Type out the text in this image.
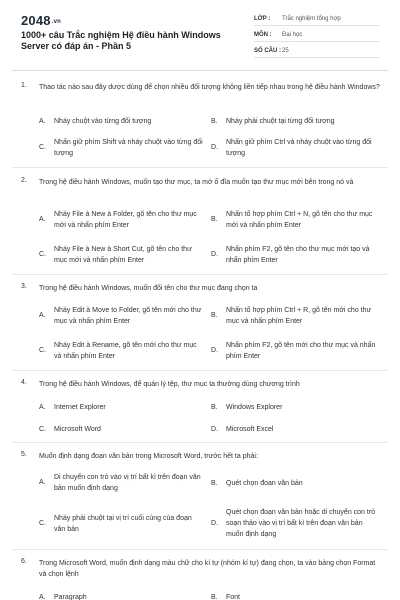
2048.vn
1000+ câu Trắc nghiệm Hệ điều hành Windows Server có đáp án - Phần 5
LỚP : Trắc nghiệm tổng hợp
MÔN : Đại học
SỐ CÂU : 25
1. Thao tác nào sau đây dược dùng để chọn nhiều đối tượng không liền tiếp nhau trong hệ điều hành Windows?
A.	Nháy chuột vào từng đối tượng	B.	Nháy phải chuột tại từng đối tượng
C.
Nhấn giữ phím Shift và nháy chuột vào từng đối tượng
D.
Nhấn giữ phím Ctrl và nháy chuột vào từng đối tượng
2. Trong hệ điều hành Windows, muốn tạo thư mục, ta mở ổ đĩa muốn tạo thư mục mới bên trong nó và
A.
Nháy File à New à Folder, gõ tên cho thư mục mới và nhấn phím Enter
B.
Nhấn tổ hợp phím Ctrl + N, gõ tên cho thư mục mới và nhấn phím Enter
C.
Nháy File à New à Short Cut, gõ tên cho thư mục mới và nhấn phím Enter
D.
Nhấn phím F2, gõ tên cho thư mục mới tạo và nhấn phím Enter
3. Trong hệ điều hành Windows, muốn đổi tên cho thư mục đang chọn ta
A.
Nháy Edit à Move to Folder, gõ tên mới cho thư mục và nhấn phím Enter
B.
Nhấn tổ hợp phím Ctrl + R, gõ tên mới cho thư mục và nhấn phím Enter
C.
Nháy Edit à Rename, gõ tên mới cho thư mục và nhấn phím Enter
D.
Nhấn phím F2, gõ tên mới cho thư mục và nhấn phím Enter
4. Trong hệ điều hành Windows, để quản lý tệp, thư mục ta thường dùng chương trình
A.	Internet Explorer	B.	Windows Explorer
C.	Microsoft Word	D.	Microsoft Excel
5. Muốn định dạng đoạn văn bản trong Microsoft Word, trước hết ta phải:
A.
Di chuyển con trỏ vào vị trí bất kì trên đoạn văn bản muốn định dạng
B.	Quét chọn đoạn văn bản
C.
Nháy phải chuột tại vị trí cuối cùng của đoạn văn bản
D.
Quét chọn đoạn văn bản hoặc di chuyển con trỏ soạn thảo vào vị trí bất kì trên đoạn văn bản muốn định dạng
6. Trong Microsoft Word, muốn định dạng màu chữ cho kí tự (nhóm kí tự) đang chọn, ta vào bảng chọn Format và chọn lệnh
A.	Paragraph	B.	Font
